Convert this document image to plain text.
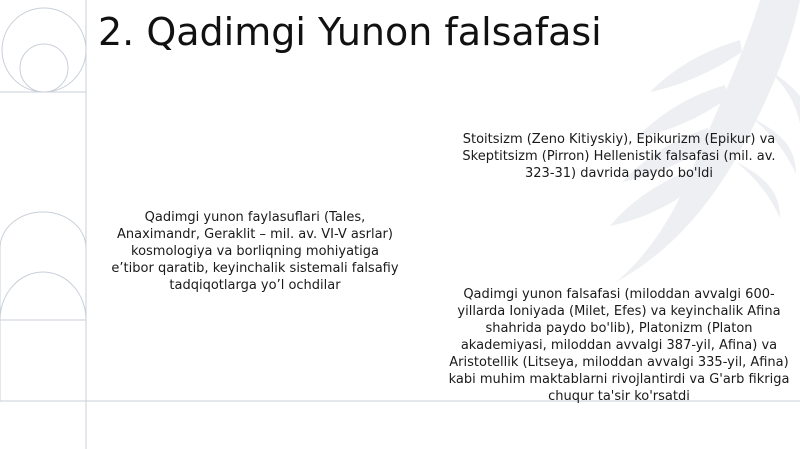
2. Qadimgi Yunon falsafasi

Qadimgi yunon faylasuflari (Tales, Anaximandr, Geraklit – mil. av. VI-V asrlar) kosmologiya va borliqning mohiyatiga e’tibor qaratib, keyinchalik sistemali falsafiy tadqiqotlarga yo’l ochdilar

Stoitsizm (Zeno Kitiyskiy), Epikurizm (Epikur) va Skeptitsizm (Pirron) Hellenistik falsafasi (mil. av. 323-31) davrida paydo bo'ldi

Qadimgi yunon falsafasi (miloddan avvalgi 600-yillarda Ioniyada (Milet, Efes) va keyinchalik Afina shahrida paydo bo'lib), Platonizm (Platon akademiyasi, miloddan avvalgi 387-yil, Afina) va Aristotellik (Litseya, miloddan avvalgi 335-yil, Afina) kabi muhim maktablarni rivojlantirdi va G'arb fikriga chuqur ta'sir ko'rsatdi
